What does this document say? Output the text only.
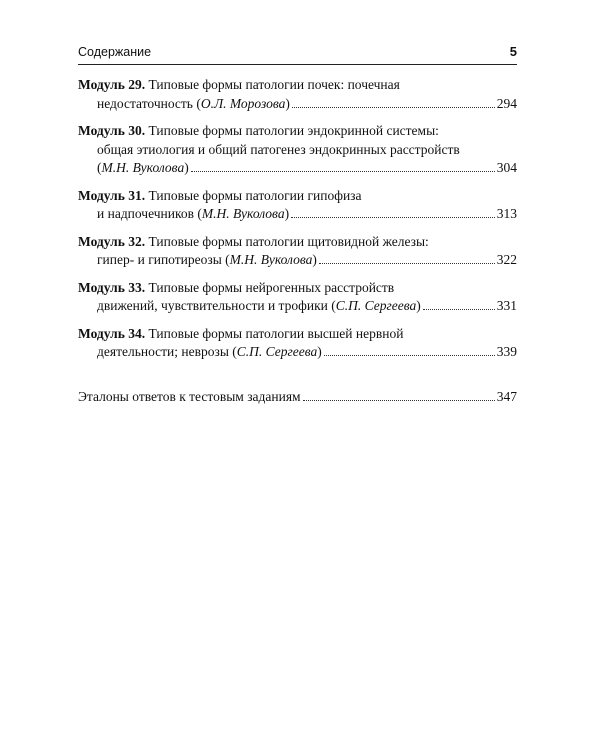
Содержание	5
Модуль 29. Типовые формы патологии почек: почечная
недостаточность (О.Л. Морозова)	294
Модуль 30. Типовые формы патологии эндокринной системы:
общая этиология и общий патогенез эндокринных расстройств
(М.Н. Вуколова)	304
Модуль 31. Типовые формы патологии гипофиза
и надпочечников (М.Н. Вуколова)	313
Модуль 32. Типовые формы патологии щитовидной железы:
гипер- и гипотиреозы (М.Н. Вуколова)	322
Модуль 33. Типовые формы нейрогенных расстройств
движений, чувствительности и трофики (С.П. Сергеева)	331
Модуль 34. Типовые формы патологии высшей нервной
деятельности; неврозы (С.П. Сергеева)	339
Эталоны ответов к тестовым заданиям	347
